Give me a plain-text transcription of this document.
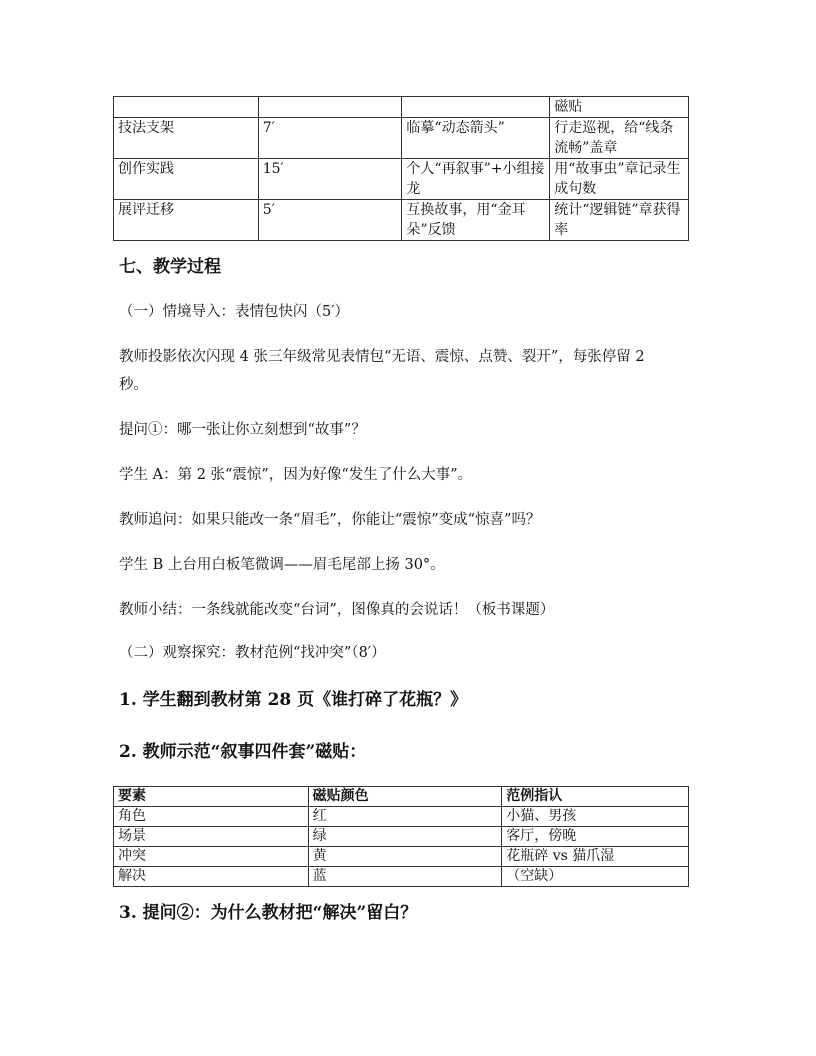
			磁贴
技法支架	7′	临摹“动态箭头”	行走巡视，给“线条流畅”盖章
创作实践	15′	个人“再叙事”+小组接龙	用“故事虫”章记录生成句数
展评迁移	5′	互换故事，用“金耳朵”反馈	统计“逻辑链”章获得率
七、教学过程
（一）情境导入：表情包快闪（5′）
教师投影依次闪现 4 张三年级常见表情包“无语、震惊、点赞、裂开”，每张停留 2
秒。
提问①：哪一张让你立刻想到“故事”？
学生 A：第 2 张“震惊”，因为好像“发生了什么大事”。
教师追问：如果只能改一条“眉毛”，你能让“震惊”变成“惊喜”吗？
学生 B 上台用白板笔微调——眉毛尾部上扬 30°。
教师小结：一条线就能改变“台词”，图像真的会说话！（板书课题）
（二）观察探究：教材范例“找冲突”（8′）
1. 学生翻到教材第 28 页《谁打碎了花瓶？》
2. 教师示范“叙事四件套”磁贴：
要素	磁贴颜色	范例指认
角色	红	小猫、男孩
场景	绿	客厅，傍晚
冲突	黄	花瓶碎 vs 猫爪湿
解决	蓝	（空缺）
3. 提问②：为什么教材把“解决”留白？
